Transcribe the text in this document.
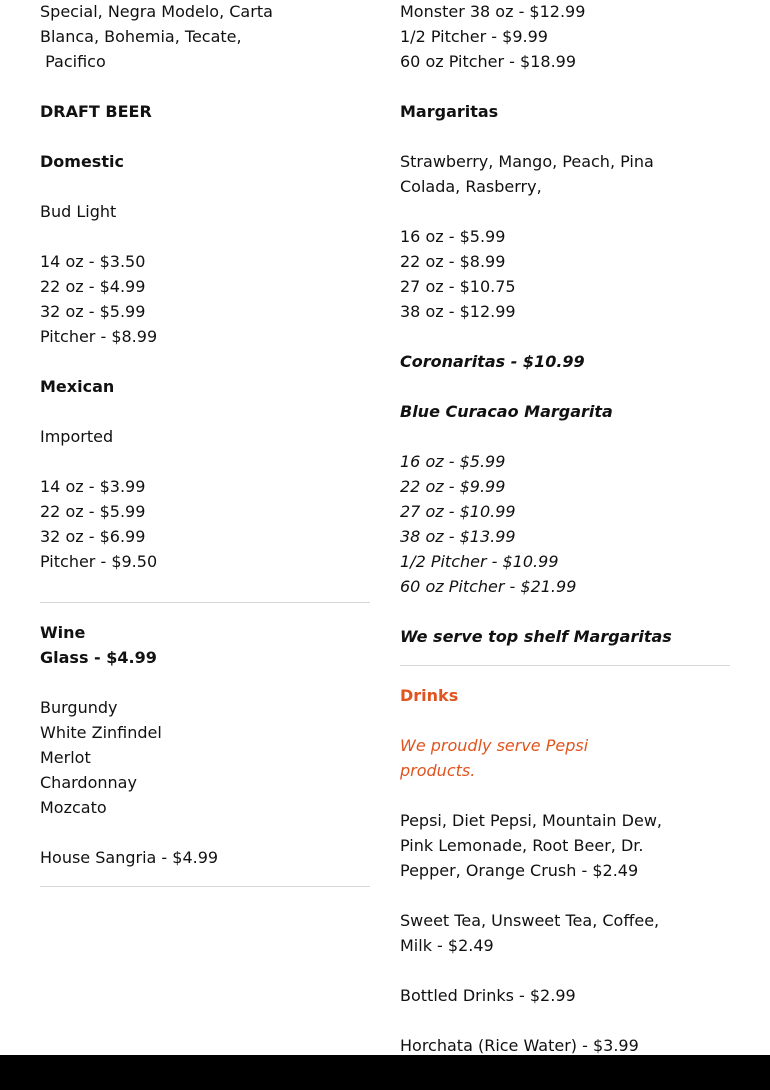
Special, Negra Modelo, Carta
Blanca, Bohemia, Tecate,
Pacifico
DRAFT BEER
Domestic
Bud Light
14 oz - $3.50
22 oz - $4.99
32 oz - $5.99
Pitcher - $8.99
Mexican
Imported
14 oz - $3.99
22 oz - $5.99
32 oz - $6.99
Pitcher - $9.50
Wine
Glass - $4.99
Burgundy
White Zinfindel
Merlot
Chardonnay
Mozcato
House Sangria - $4.99
Monster 38 oz - $12.99
1/2 Pitcher - $9.99
60 oz Pitcher - $18.99
Margaritas
Strawberry, Mango, Peach, Pina
Colada, Rasberry,
16 oz - $5.99
22 oz - $8.99
27 oz - $10.75
38 oz - $12.99
Coronaritas - $10.99
Blue Curacao Margarita
16 oz - $5.99
22 oz - $9.99
27 oz - $10.99
38 oz - $13.99
1/2 Pitcher - $10.99
60 oz Pitcher - $21.99
We serve top shelf Margaritas
Drinks
We proudly serve Pepsi
products.
Pepsi, Diet Pepsi, Mountain Dew,
Pink Lemonade, Root Beer, Dr.
Pepper, Orange Crush - $2.49
Sweet Tea, Unsweet Tea, Coffee,
Milk - $2.49
Bottled Drinks - $2.99
Horchata (Rice Water) - $3.99
